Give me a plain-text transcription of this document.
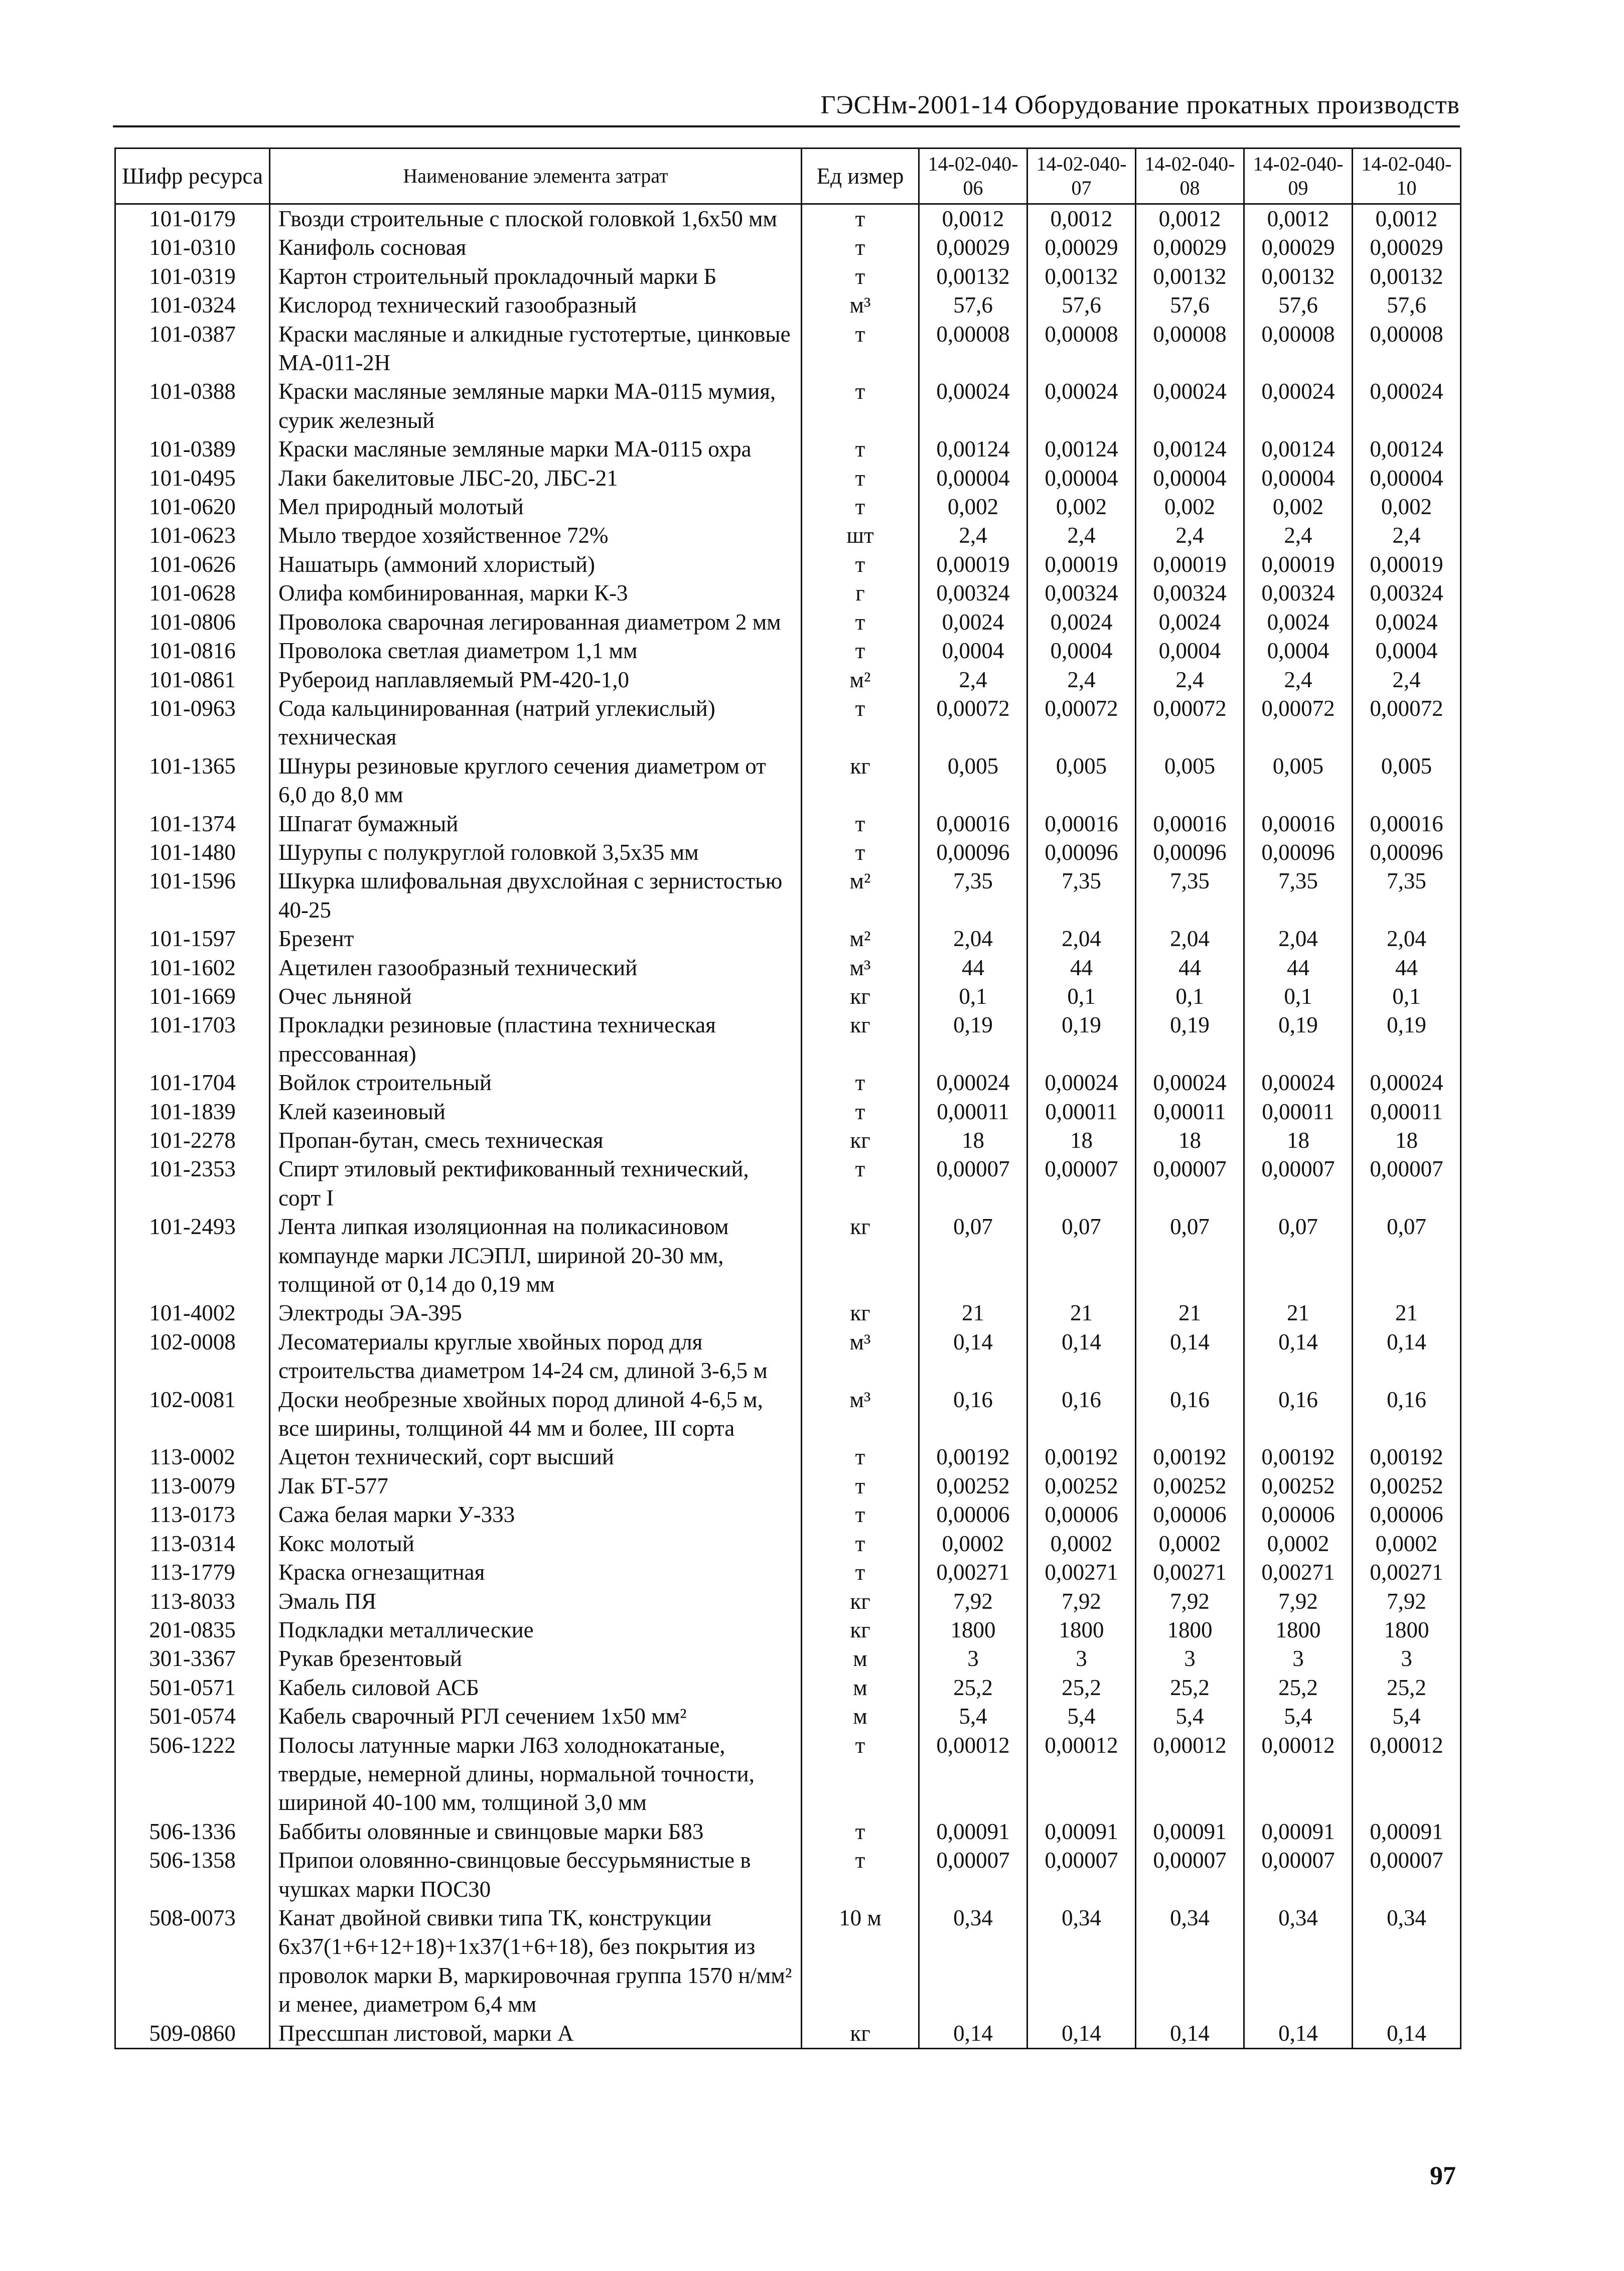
ГЭСНм-2001-14 Оборудование прокатных производств
Шифр ресурса	Наименование элемента затрат	Ед измер	14-02-040-06	14-02-040-07	14-02-040-08	14-02-040-09	14-02-040-10
101-0179	Гвозди строительные с плоской головкой 1,6x50 мм	т	0,0012	0,0012	0,0012	0,0012	0,0012
101-0310	Канифоль сосновая	т	0,00029	0,00029	0,00029	0,00029	0,00029
101-0319	Картон строительный прокладочный марки Б	т	0,00132	0,00132	0,00132	0,00132	0,00132
101-0324	Кислород технический газообразный	м³	57,6	57,6	57,6	57,6	57,6
101-0387	Краски масляные и алкидные густотертые, цинковые МА-011-2Н	т	0,00008	0,00008	0,00008	0,00008	0,00008
101-0388	Краски масляные земляные марки МА-0115 мумия, сурик железный	т	0,00024	0,00024	0,00024	0,00024	0,00024
101-0389	Краски масляные земляные марки МА-0115 охра	т	0,00124	0,00124	0,00124	0,00124	0,00124
101-0495	Лаки бакелитовые ЛБС-20, ЛБС-21	т	0,00004	0,00004	0,00004	0,00004	0,00004
101-0620	Мел природный молотый	т	0,002	0,002	0,002	0,002	0,002
101-0623	Мыло твердое хозяйственное 72%	шт	2,4	2,4	2,4	2,4	2,4
101-0626	Нашатырь (аммоний хлористый)	т	0,00019	0,00019	0,00019	0,00019	0,00019
101-0628	Олифа комбинированная, марки К-3	г	0,00324	0,00324	0,00324	0,00324	0,00324
101-0806	Проволока сварочная легированная диаметром 2 мм	т	0,0024	0,0024	0,0024	0,0024	0,0024
101-0816	Проволока светлая диаметром 1,1 мм	т	0,0004	0,0004	0,0004	0,0004	0,0004
101-0861	Рубероид наплавляемый РМ-420-1,0	м²	2,4	2,4	2,4	2,4	2,4
101-0963	Сода кальцинированная (натрий углекислый) техническая	т	0,00072	0,00072	0,00072	0,00072	0,00072
101-1365	Шнуры резиновые круглого сечения диаметром от 6,0 до 8,0 мм	кг	0,005	0,005	0,005	0,005	0,005
101-1374	Шпагат бумажный	т	0,00016	0,00016	0,00016	0,00016	0,00016
101-1480	Шурупы с полукруглой головкой 3,5x35 мм	т	0,00096	0,00096	0,00096	0,00096	0,00096
101-1596	Шкурка шлифовальная двухслойная с зернистостью 40-25	м²	7,35	7,35	7,35	7,35	7,35
101-1597	Брезент	м²	2,04	2,04	2,04	2,04	2,04
101-1602	Ацетилен газообразный технический	м³	44	44	44	44	44
101-1669	Очес льняной	кг	0,1	0,1	0,1	0,1	0,1
101-1703	Прокладки резиновые (пластина техническая прессованная)	кг	0,19	0,19	0,19	0,19	0,19
101-1704	Войлок строительный	т	0,00024	0,00024	0,00024	0,00024	0,00024
101-1839	Клей казеиновый	т	0,00011	0,00011	0,00011	0,00011	0,00011
101-2278	Пропан-бутан, смесь техническая	кг	18	18	18	18	18
101-2353	Спирт этиловый ректификованный технический, сорт I	т	0,00007	0,00007	0,00007	0,00007	0,00007
101-2493	Лента липкая изоляционная на поликасиновом компаунде марки ЛСЭПЛ, шириной 20-30 мм, толщиной от 0,14 до 0,19 мм	кг	0,07	0,07	0,07	0,07	0,07
101-4002	Электроды ЭА-395	кг	21	21	21	21	21
102-0008	Лесоматериалы круглые хвойных пород для строительства диаметром 14-24 см, длиной 3-6,5 м	м³	0,14	0,14	0,14	0,14	0,14
102-0081	Доски необрезные хвойных пород длиной 4-6,5 м, все ширины, толщиной 44 мм и более, III сорта	м³	0,16	0,16	0,16	0,16	0,16
113-0002	Ацетон технический, сорт высший	т	0,00192	0,00192	0,00192	0,00192	0,00192
113-0079	Лак БТ-577	т	0,00252	0,00252	0,00252	0,00252	0,00252
113-0173	Сажа белая марки У-333	т	0,00006	0,00006	0,00006	0,00006	0,00006
113-0314	Кокс молотый	т	0,0002	0,0002	0,0002	0,0002	0,0002
113-1779	Краска огнезащитная	т	0,00271	0,00271	0,00271	0,00271	0,00271
113-8033	Эмаль ПЯ	кг	7,92	7,92	7,92	7,92	7,92
201-0835	Подкладки металлические	кг	1800	1800	1800	1800	1800
301-3367	Рукав брезентовый	м	3	3	3	3	3
501-0571	Кабель силовой АСБ	м	25,2	25,2	25,2	25,2	25,2
501-0574	Кабель сварочный РГЛ сечением 1x50 мм²	м	5,4	5,4	5,4	5,4	5,4
506-1222	Полосы латунные марки Л63 холоднокатаные, твердые, немерной длины, нормальной точности, шириной 40-100 мм, толщиной 3,0 мм	т	0,00012	0,00012	0,00012	0,00012	0,00012
506-1336	Баббиты оловянные и свинцовые марки Б83	т	0,00091	0,00091	0,00091	0,00091	0,00091
506-1358	Припои оловянно-свинцовые бессурьмянистые в чушках марки ПОС30	т	0,00007	0,00007	0,00007	0,00007	0,00007
508-0073	Канат двойной свивки типа ТК, конструкции 6х37(1+6+12+18)+1х37(1+6+18), без покрытия из проволок марки В, маркировочная группа 1570 н/мм² и менее, диаметром 6,4 мм	10 м	0,34	0,34	0,34	0,34	0,34
509-0860	Прессшпан листовой, марки А	кг	0,14	0,14	0,14	0,14	0,14
97
